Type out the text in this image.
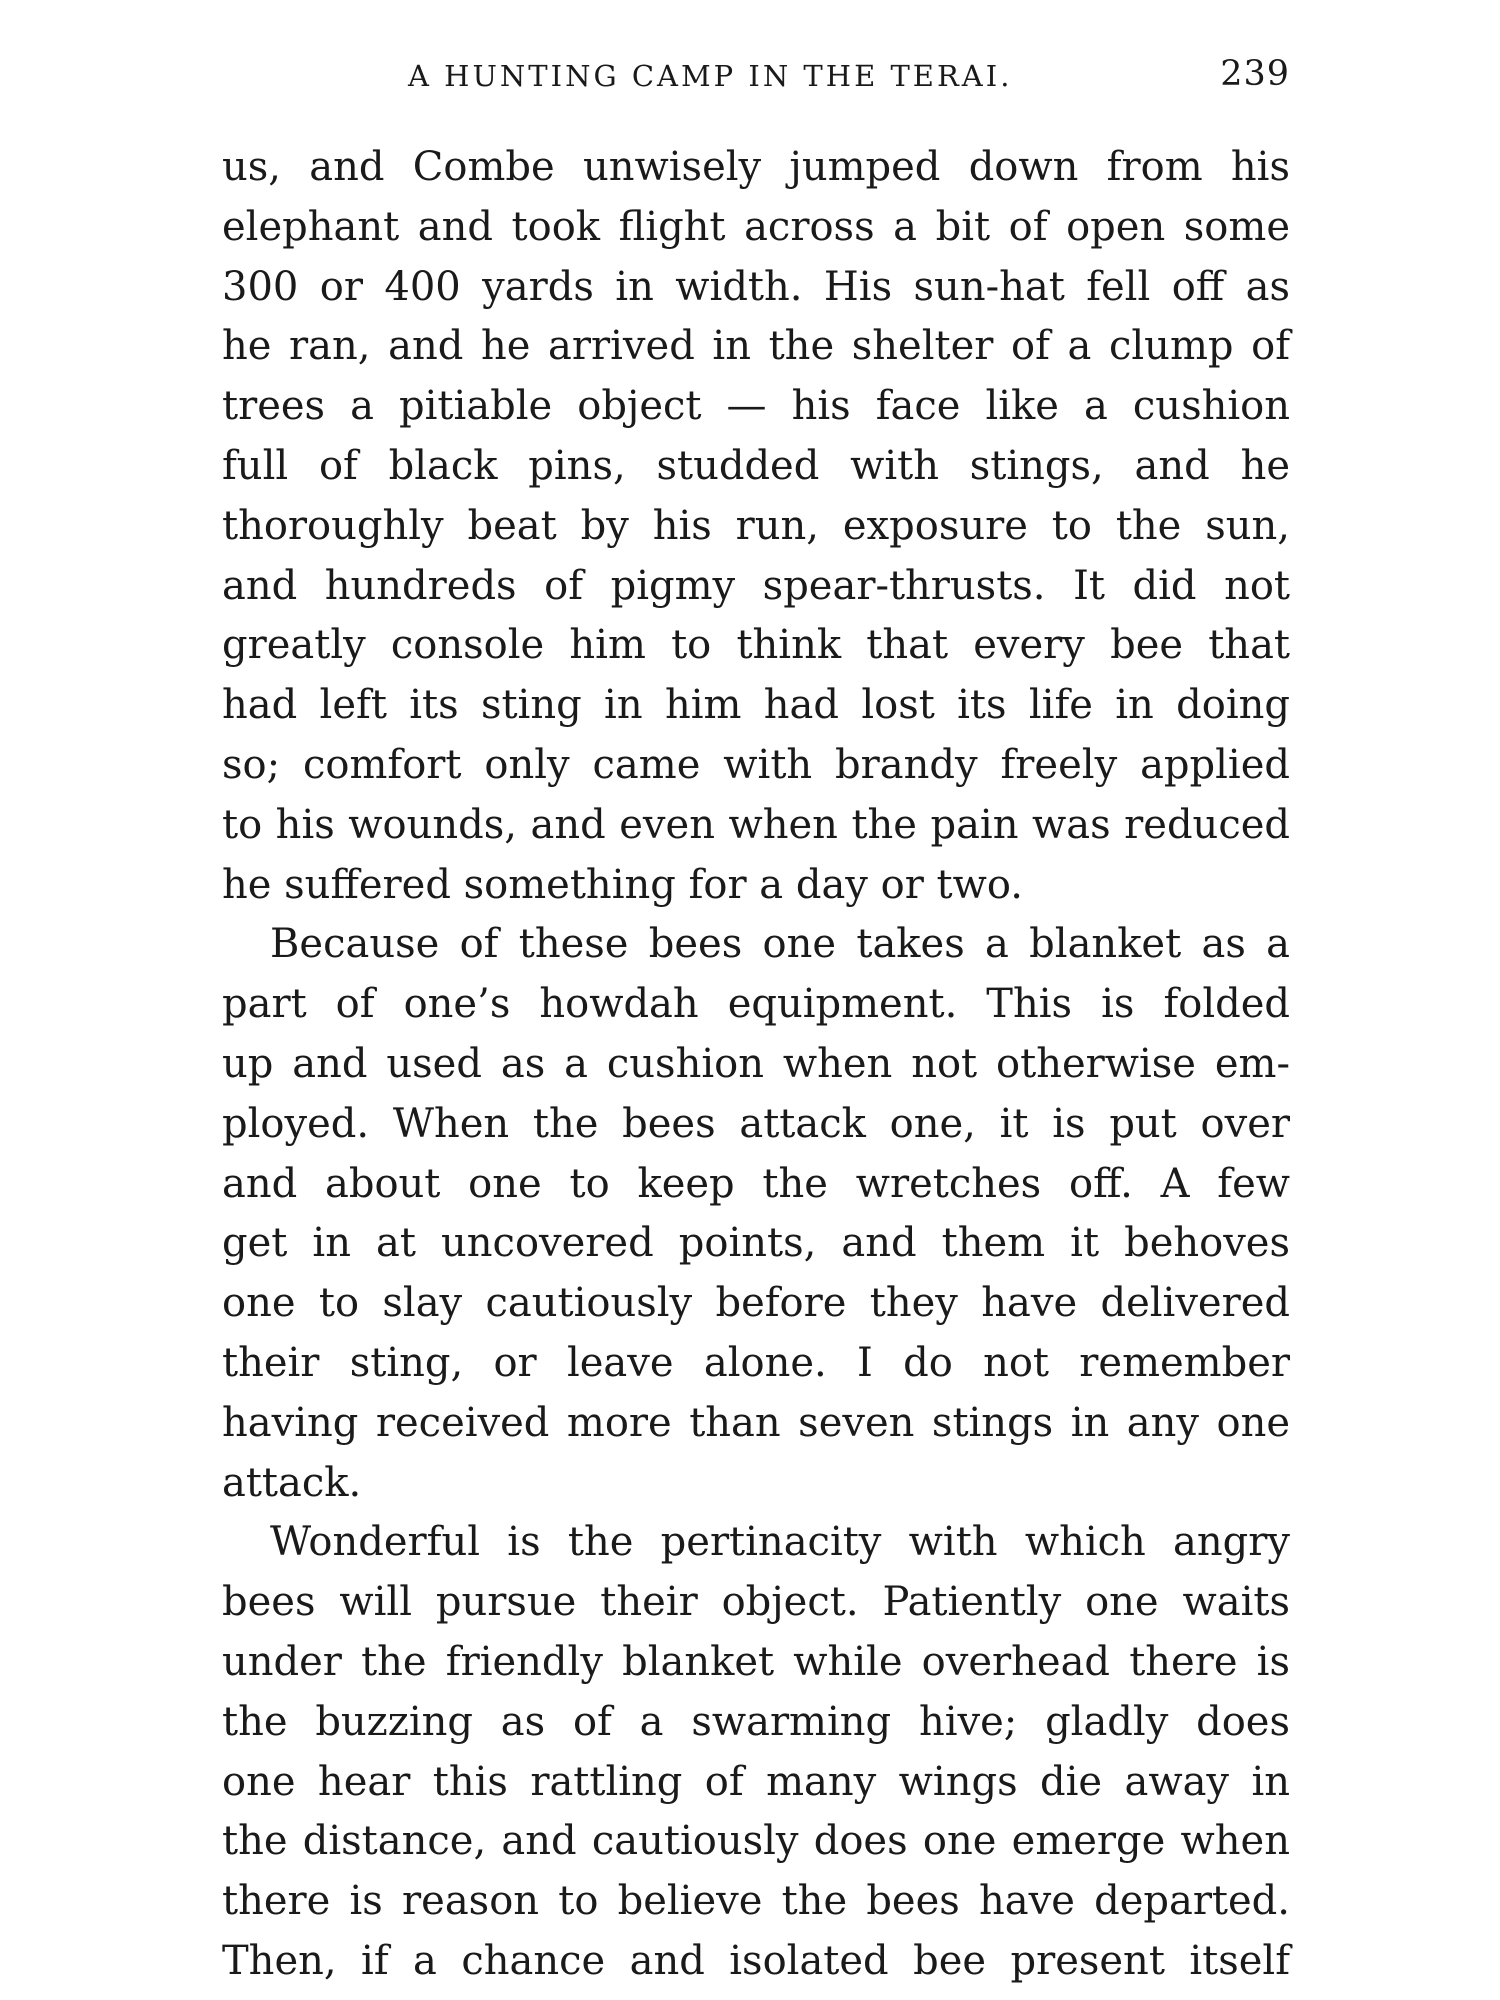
A HUNTING CAMP IN THE TERAI.	239
us, and Combe unwisely jumped down from his
elephant and took flight across a bit of open some
300 or 400 yards in width. His sun-hat fell off as
he ran, and he arrived in the shelter of a clump of
trees a pitiable object — his face like a cushion
full of black pins, studded with stings, and he
thoroughly beat by his run, exposure to the sun,
and hundreds of pigmy spear-thrusts. It did not
greatly console him to think that every bee that
had left its sting in him had lost its life in doing
so; comfort only came with brandy freely applied
to his wounds, and even when the pain was reduced
he suffered something for a day or two.
Because of these bees one takes a blanket as a
part of one’s howdah equipment. This is folded
up and used as a cushion when not otherwise em-
ployed. When the bees attack one, it is put over
and about one to keep the wretches off. A few
get in at uncovered points, and them it behoves
one to slay cautiously before they have delivered
their sting, or leave alone. I do not remember
having received more than seven stings in any one
attack.
Wonderful is the pertinacity with which angry
bees will pursue their object. Patiently one waits
under the friendly blanket while overhead there is
the buzzing as of a swarming hive; gladly does
one hear this rattling of many wings die away in
the distance, and cautiously does one emerge when
there is reason to believe the bees have departed.
Then, if a chance and isolated bee present itself
